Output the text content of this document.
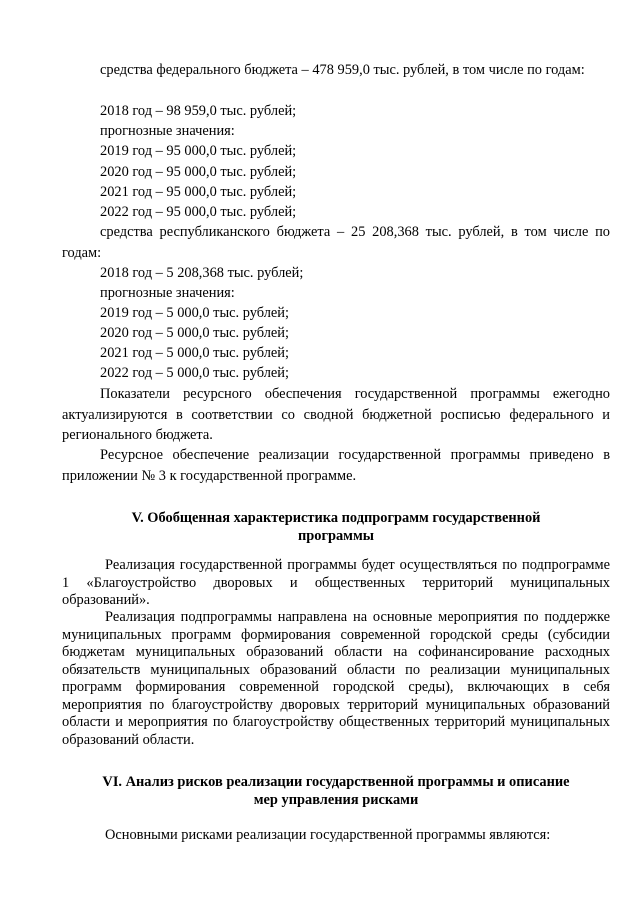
средства федерального бюджета – 478 959,0 тыс. рублей, в том числе по годам:

2018 год – 98 959,0 тыс. рублей;

прогнозные значения:

2019 год – 95 000,0 тыс. рублей;

2020 год – 95 000,0 тыс. рублей;

2021 год – 95 000,0 тыс. рублей;

2022 год – 95 000,0 тыс. рублей;

средства республиканского бюджета – 25 208,368 тыс. рублей, в том числе по годам:

2018 год – 5 208,368 тыс. рублей;

прогнозные значения:

2019 год – 5 000,0 тыс. рублей;

2020 год – 5 000,0 тыс. рублей;

2021 год – 5 000,0 тыс. рублей;

2022 год – 5 000,0 тыс. рублей;

Показатели ресурсного обеспечения государственной программы ежегодно актуализируются в соответствии со сводной бюджетной росписью федерального и регионального бюджета.

Ресурсное обеспечение реализации государственной программы приведено в приложении № 3 к государственной программе.

V. Обобщенная характеристика подпрограмм государственной

программы

Реализация государственной программы будет осуществляться по подпрограмме 1 «Благоустройство дворовых и общественных территорий муниципальных образований».

Реализация подпрограммы направлена на основные мероприятия по поддержке муниципальных программ формирования современной городской среды (субсидии бюджетам муниципальных образований области на софинансирование расходных обязательств муниципальных образований области по реализации муниципальных программ формирования современной городской среды), включающих в себя мероприятия по благоустройству дворовых территорий муниципальных образований области и мероприятия по благоустройству общественных территорий муниципальных образований области.

VI. Анализ рисков реализации государственной программы и описание

мер управления рисками

Основными рисками реализации государственной программы являются:
